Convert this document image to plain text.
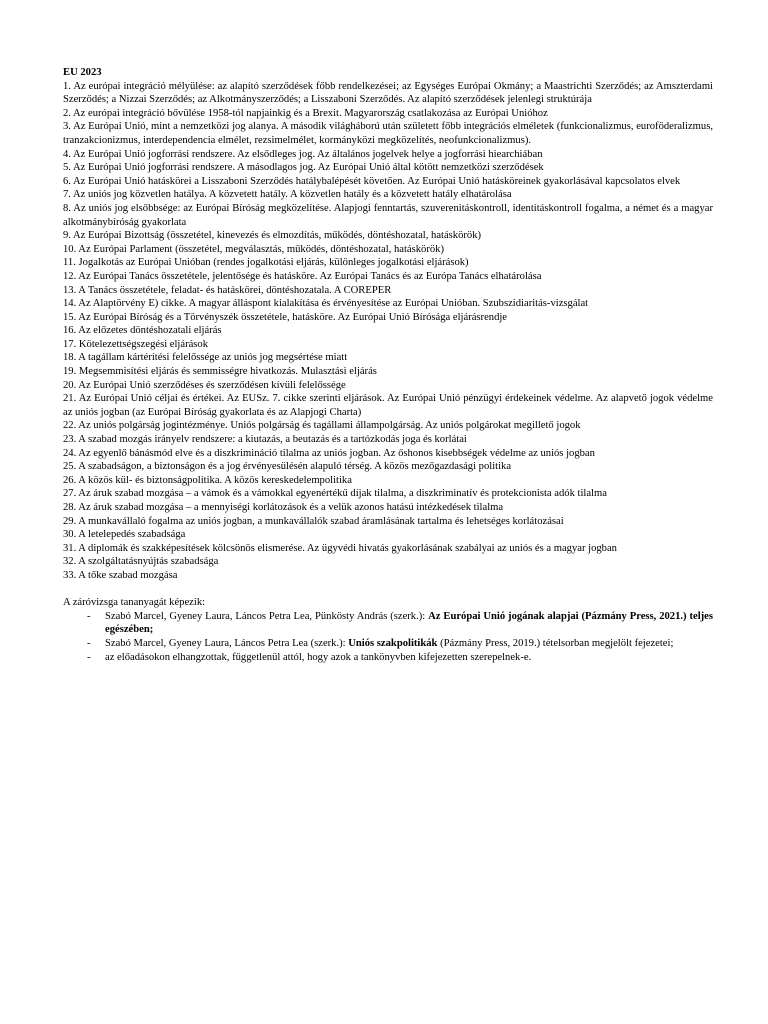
EU 2023

1. Az európai integráció mélyülése: az alapító szerződések főbb rendelkezései; az Egységes Európai Okmány; a Maastrichti Szerződés; az Amszterdami Szerződés; a Nizzai Szerződés; az Alkotmányszerződés; a Lisszaboni Szerződés. Az alapító szerződések jelenlegi struktúrája
2. Az európai integráció bővülése 1958-tól napjainkig és a Brexit. Magyarország csatlakozása az Európai Unióhoz
3. Az Európai Unió, mint a nemzetközi jog alanya. A második világháború után született főbb integrációs elméletek (funkcionalizmus, euroföderalizmus, tranzakcionizmus, interdependencia elmélet, rezsimelmélet, kormányközi megközelítés, neofunkcionalizmus).
4. Az Európai Unió jogforrási rendszere. Az elsődleges jog. Az általános jogelvek helye a jogforrási hiearchiában
5. Az Európai Unió jogforrási rendszere. A másodlagos jog. Az Európai Unió által kötött nemzetközi szerződések
6. Az Európai Unió hatáskörei a Lisszaboni Szerződés hatálybalépését követően. Az Európai Unió hatásköreinek gyakorlásával kapcsolatos elvek
7. Az uniós jog közvetlen hatálya. A közvetett hatály. A közvetlen hatály és a közvetett hatály elhatárolása
8. Az uniós jog elsőbbsége: az Európai Bíróság megközelítése. Alapjogi fenntartás, szuverenitáskontroll, identitáskontroll fogalma, a német és a magyar alkotmánybíróság gyakorlata
9. Az Európai Bizottság (összetétel, kinevezés és elmozdítás, működés, döntéshozatal, hatáskörök)
10. Az Európai Parlament (összetétel, megválasztás, működés, döntéshozatal, hatáskörök)
11. Jogalkotás az Európai Unióban (rendes jogalkotási eljárás, különleges jogalkotási eljárások)
12. Az Európai Tanács összetétele, jelentősége és hatásköre. Az Európai Tanács és az Európa Tanács elhatárolása
13. A Tanács összetétele, feladat- és hatáskörei, döntéshozatala. A COREPER
14. Az Alaptörvény E) cikke. A magyar álláspont kialakítása és érvényesítése az Európai Unióban. Szubszidiaritás-vizsgálat
15. Az Európai Bíróság és a Törvényszék összetétele, hatásköre. Az Európai Unió Bírósága eljárásrendje
16. Az előzetes döntéshozatali eljárás
17. Kötelezettségszegési eljárások
18. A tagállam kártérítési felelőssége az uniós jog megsértése miatt
19. Megsemmisítési eljárás és semmisségre hivatkozás. Mulasztási eljárás
20. Az Európai Unió szerződéses és szerződésen kívüli felelőssége
21. Az Európai Unió céljai és értékei. Az EUSz. 7. cikke szerinti eljárások. Az Európai Unió pénzügyi érdekeinek védelme. Az alapvető jogok védelme az uniós jogban (az Európai Bíróság gyakorlata és az Alapjogi Charta)
22. Az uniós polgárság jogintézménye. Uniós polgárság és tagállami állampolgárság. Az uniós polgárokat megillető jogok
23. A szabad mozgás irányelv rendszere: a kiutazás, a beutazás és a tartózkodás joga és korlátai
24. Az egyenlő bánásmód elve és a diszkrimináció tilalma az uniós jogban. Az őshonos kisebbségek védelme az uniós jogban
25. A szabadságon, a biztonságon és a jog érvényesülésén alapuló térség. A közös mezőgazdasági politika
26. A közös kül- és biztonságpolitika. A közös kereskedelempolitika
27. Az áruk szabad mozgása – a vámok és a vámokkal egyenértékű díjak tilalma, a diszkriminatív és protekcionista adók tilalma
28. Az áruk szabad mozgása – a mennyiségi korlátozások és a velük azonos hatású intézkedések tilalma
29. A munkavállaló fogalma az uniós jogban, a munkavállalók szabad áramlásának tartalma és lehetséges korlátozásai
30. A letelepedés szabadsága
31. A diplomák és szakképesítések kölcsönös elismerése. Az ügyvédi hivatás gyakorlásának szabályai az uniós és a magyar jogban
32. A szolgáltatásnyújtás szabadsága
33. A tőke szabad mozgása

A záróvizsga tananyagát képezik:

- Szabó Marcel, Gyeney Laura, Láncos Petra Lea, Pünkösty András (szerk.): Az Európai Unió jogának alapjai (Pázmány Press, 2021.) teljes egészében;
- Szabó Marcel, Gyeney Laura, Láncos Petra Lea (szerk.): Uniós szakpolitikák (Pázmány Press, 2019.) tételsorban megjelölt fejezetei;
- az előadásokon elhangzottak, függetlenül attól, hogy azok a tankönyvben kifejezetten szerepelnek-e.
